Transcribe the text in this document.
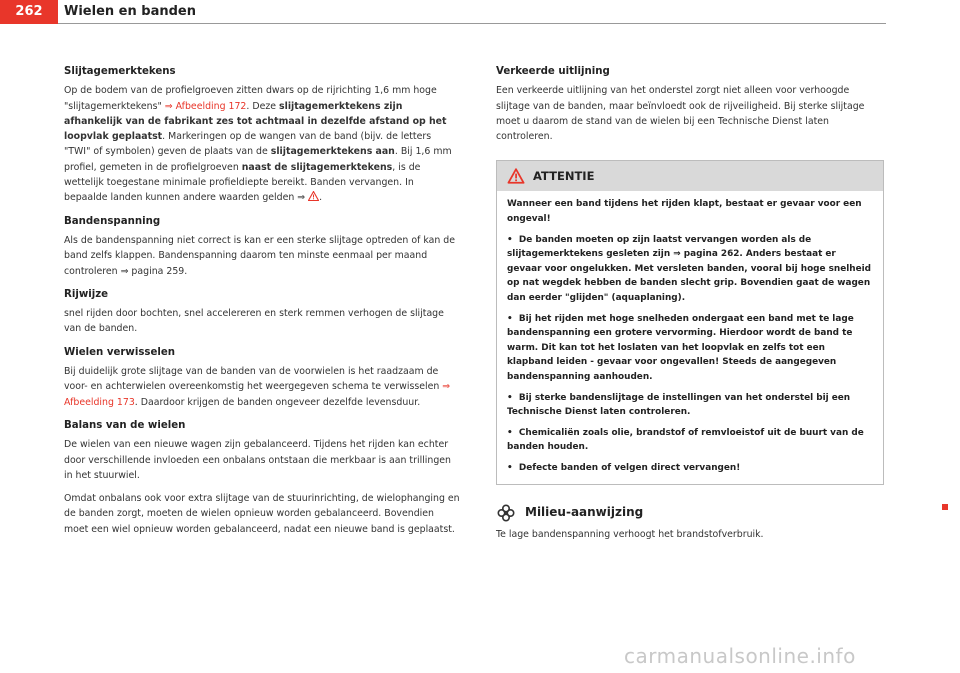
262	Wielen en banden
Slijtagemerktekens

Op de bodem van de profielgroeven zitten dwars op de rijrichting 1,6 mm hoge "slijtagemerktekens" ⇒ Afbeelding 172. Deze slijtagemerktekens zijn afhankelijk van de fabrikant zes tot achtmaal in dezelfde afstand op het loopvlak geplaatst. Markeringen op de wangen van de band (bijv. de letters "TWI" of symbolen) geven de plaats van de slijtagemerktekens aan. Bij 1,6 mm profiel, gemeten in de profielgroeven naast de slijtagemerktekens, is de wettelijk toegestane minimale profieldiepte bereikt. Banden vervangen. In bepaalde landen kunnen andere waarden gelden ⇒ .

Bandenspanning

Als de bandenspanning niet correct is kan er een sterke slijtage optreden of kan de band zelfs klappen. Bandenspanning daarom ten minste eenmaal per maand controleren ⇒ pagina 259.

Rijwijze

snel rijden door bochten, snel accelereren en sterk remmen verhogen de slijtage van de banden.

Wielen verwisselen

Bij duidelijk grote slijtage van de banden van de voorwielen is het raadzaam de voor- en achterwielen overeenkomstig het weergegeven schema te verwisselen ⇒ Afbeelding 173. Daardoor krijgen de banden ongeveer dezelfde levensduur.

Balans van de wielen

De wielen van een nieuwe wagen zijn gebalanceerd. Tijdens het rijden kan echter door verschillende invloeden een onbalans ontstaan die merkbaar is aan trillingen in het stuurwiel.

Omdat onbalans ook voor extra slijtage van de stuurinrichting, de wielophanging en de banden zorgt, moeten de wielen opnieuw worden gebalanceerd. Bovendien moet een wiel opnieuw worden gebalanceerd, nadat een nieuwe band is geplaatst.

Verkeerde uitlijning

Een verkeerde uitlijning van het onderstel zorgt niet alleen voor verhoogde slijtage van de banden, maar beïnvloedt ook de rijveiligheid. Bij sterke slijtage moet u daarom de stand van de wielen bij een Technische Dienst laten controleren.

ATTENTIE

Wanneer een band tijdens het rijden klapt, bestaat er gevaar voor een ongeval!

• De banden moeten op zijn laatst vervangen worden als de slijtagemerktekens gesleten zijn ⇒ pagina 262. Anders bestaat er gevaar voor ongelukken. Met versleten banden, vooral bij hoge snelheid op nat wegdek hebben de banden slecht grip. Bovendien gaat de wagen dan eerder "glijden" (aquaplaning).

• Bij het rijden met hoge snelheden ondergaat een band met te lage bandenspanning een grotere vervorming. Hierdoor wordt de band te warm. Dit kan tot het loslaten van het loopvlak en zelfs tot een klapband leiden - gevaar voor ongevallen! Steeds de aangegeven bandenspanning aanhouden.

• Bij sterke bandenslijtage de instellingen van het onderstel bij een Technische Dienst laten controleren.

• Chemicaliën zoals olie, brandstof of remvloeistof uit de buurt van de banden houden.

• Defecte banden of velgen direct vervangen!

Milieu-aanwijzing

Te lage bandenspanning verhoogt het brandstofverbruik.

carmanualsonline.info
